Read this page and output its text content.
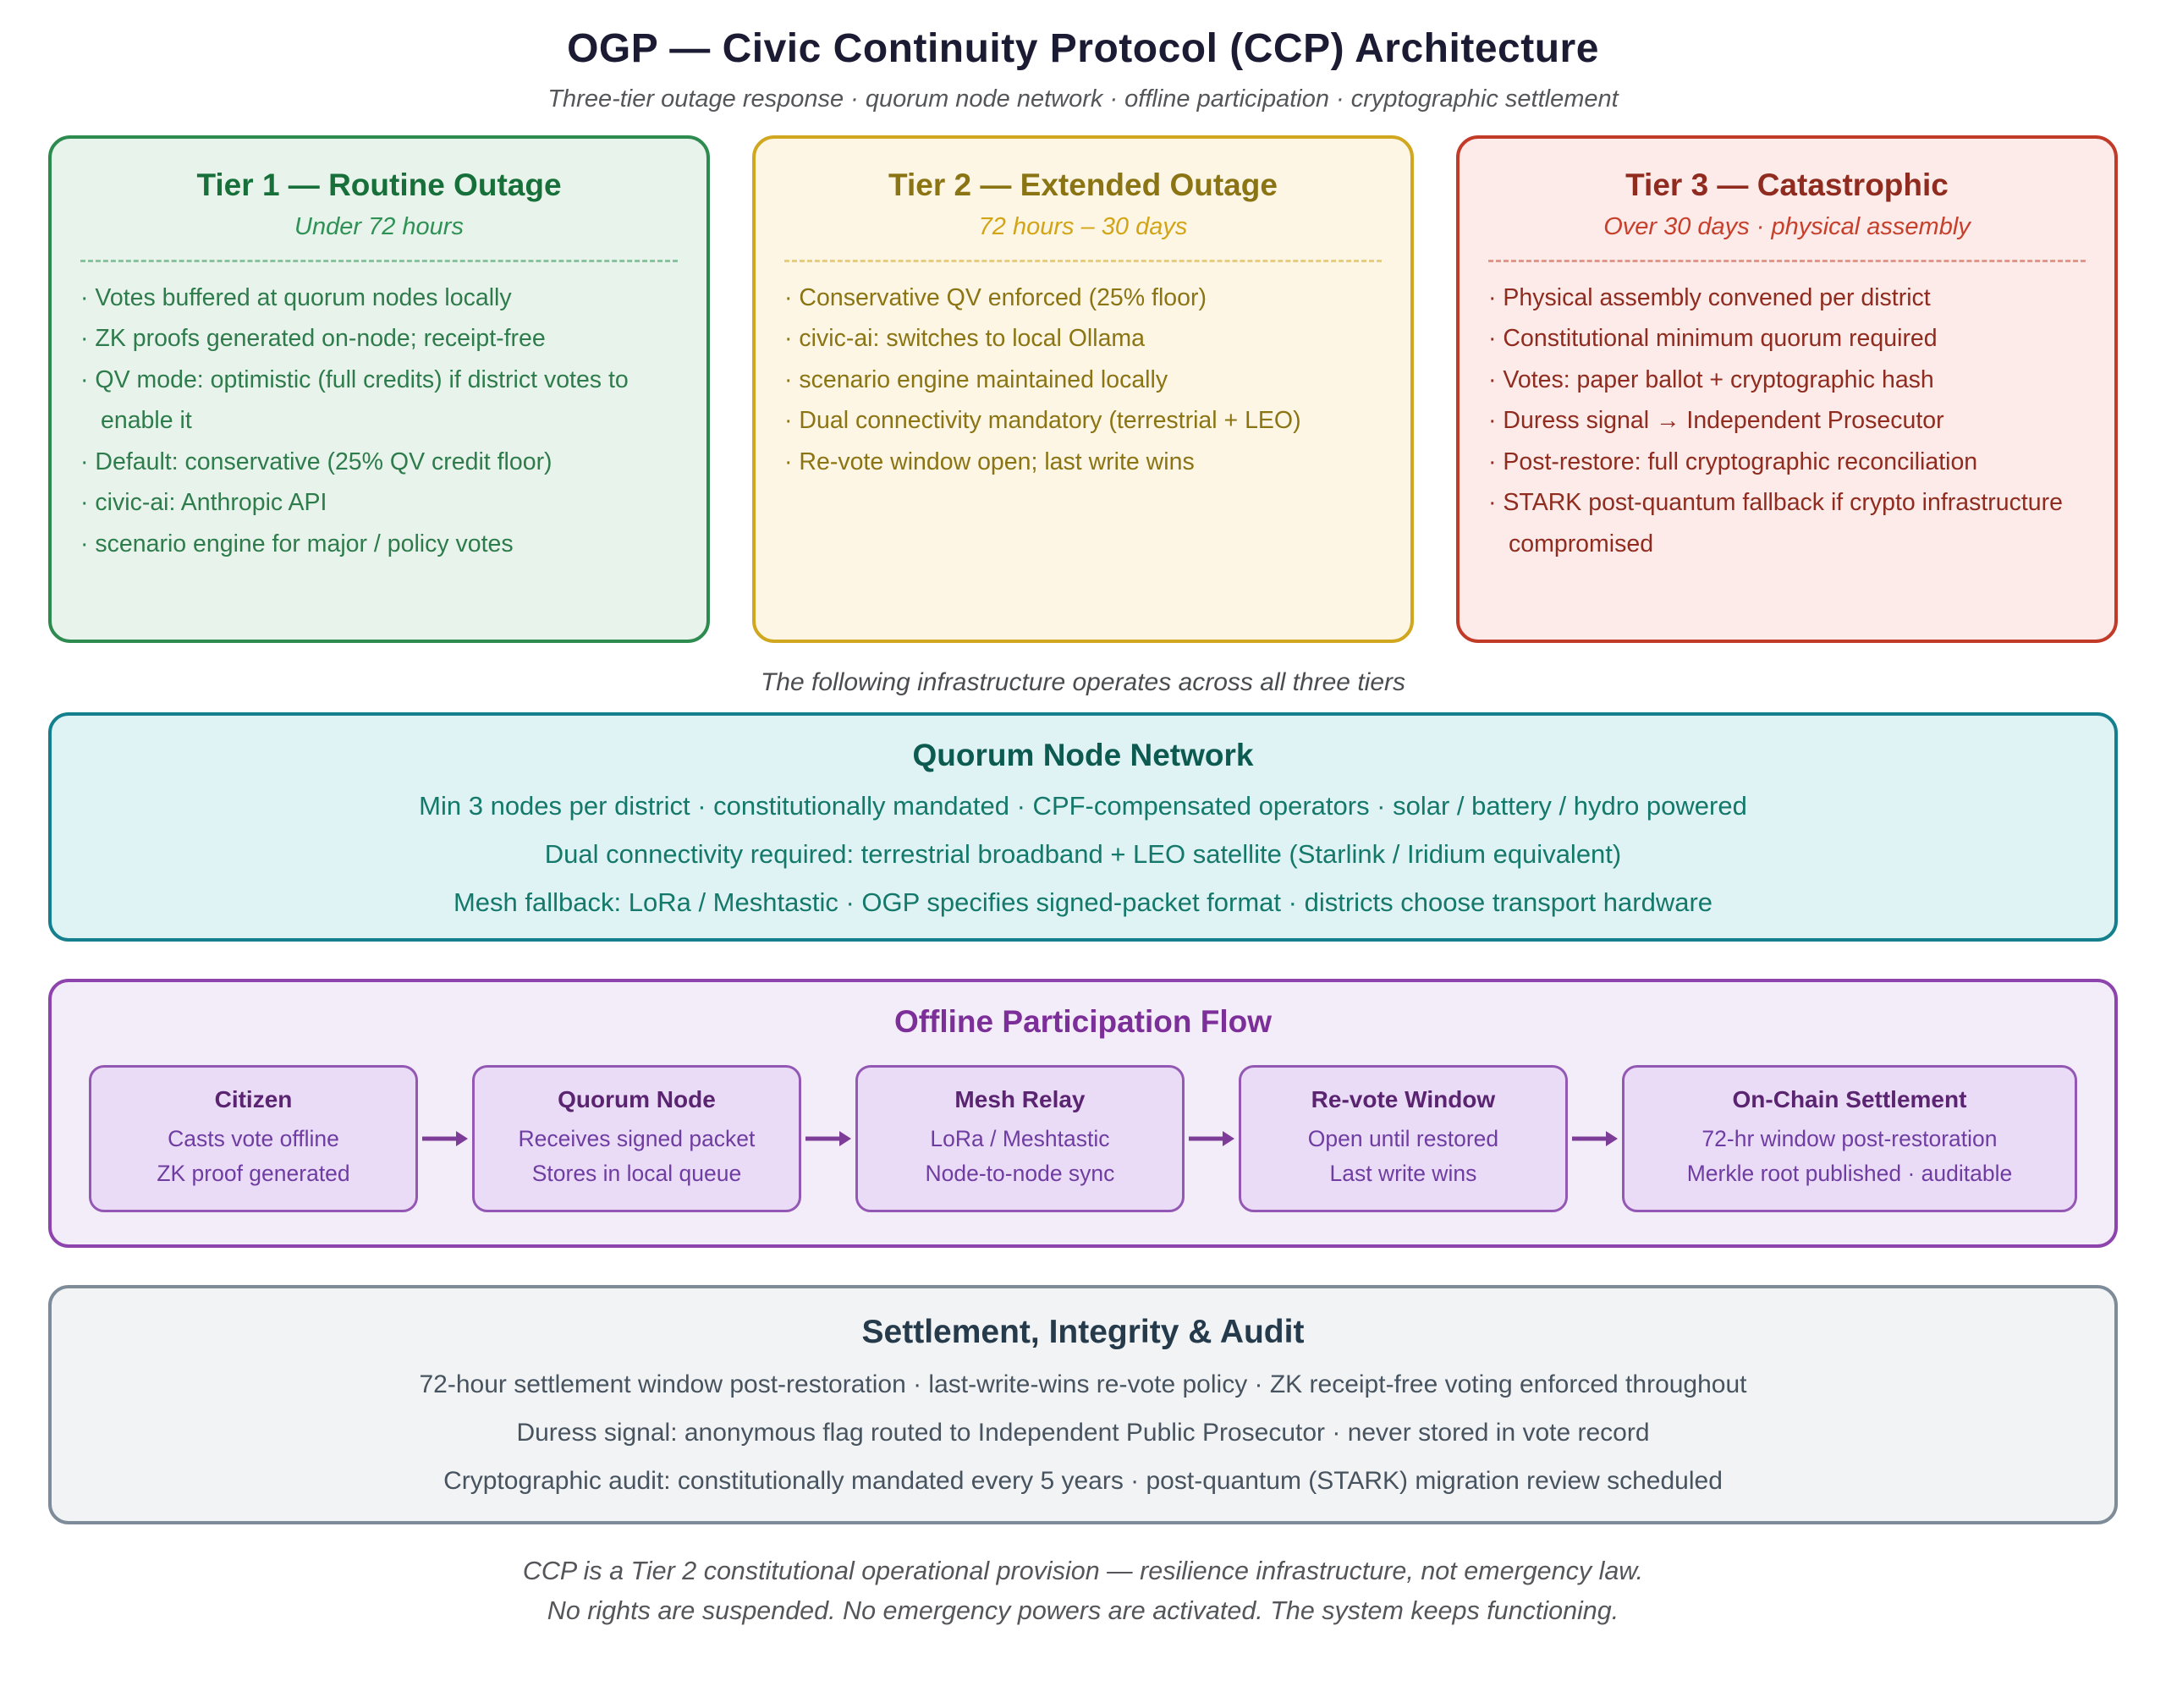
OGP — Civic Continuity Protocol (CCP) Architecture
Three-tier outage response · quorum node network · offline participation · cryptographic settlement
Tier 1 — Routine Outage
Under 72 hours
· Votes buffered at quorum nodes locally
· ZK proofs generated on-node; receipt-free
· QV mode: optimistic (full credits) if district votes to enable it
· Default: conservative (25% QV credit floor)
· civic-ai: Anthropic API
· scenario engine for major / policy votes
Tier 2 — Extended Outage
72 hours – 30 days
· Conservative QV enforced (25% floor)
· civic-ai: switches to local Ollama
· scenario engine maintained locally
· Dual connectivity mandatory (terrestrial + LEO)
· Re-vote window open; last write wins
Tier 3 — Catastrophic
Over 30 days · physical assembly
· Physical assembly convened per district
· Constitutional minimum quorum required
· Votes: paper ballot + cryptographic hash
· Duress signal → Independent Prosecutor
· Post-restore: full cryptographic reconciliation
· STARK post-quantum fallback if crypto infrastructure compromised
The following infrastructure operates across all three tiers
Quorum Node Network
Min 3 nodes per district · constitutionally mandated · CPF-compensated operators · solar / battery / hydro powered
Dual connectivity required: terrestrial broadband + LEO satellite (Starlink / Iridium equivalent)
Mesh fallback: LoRa / Meshtastic · OGP specifies signed-packet format · districts choose transport hardware
Offline Participation Flow
Citizen
Casts vote offline
ZK proof generated
Quorum Node
Receives signed packet
Stores in local queue
Mesh Relay
LoRa / Meshtastic
Node-to-node sync
Re-vote Window
Open until restored
Last write wins
On-Chain Settlement
72-hr window post-restoration
Merkle root published · auditable
Settlement, Integrity & Audit
72-hour settlement window post-restoration · last-write-wins re-vote policy · ZK receipt-free voting enforced throughout
Duress signal: anonymous flag routed to Independent Public Prosecutor · never stored in vote record
Cryptographic audit: constitutionally mandated every 5 years · post-quantum (STARK) migration review scheduled
CCP is a Tier 2 constitutional operational provision — resilience infrastructure, not emergency law.
No rights are suspended. No emergency powers are activated. The system keeps functioning.
